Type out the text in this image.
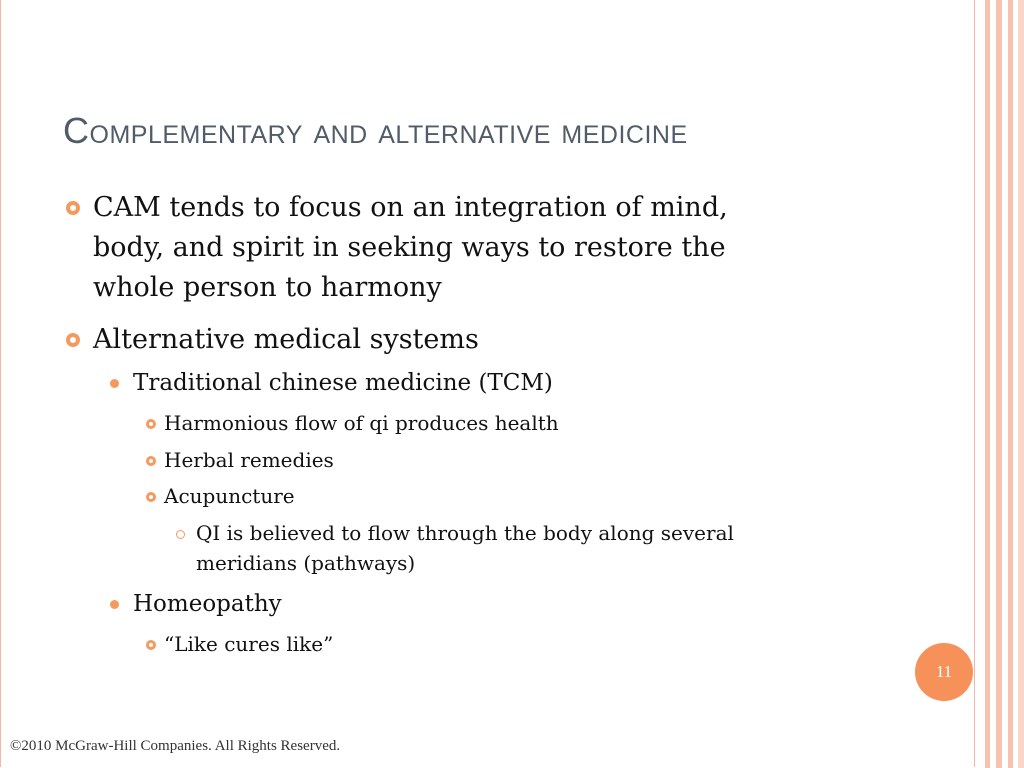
Complementary and alternative medicine
CAM tends to focus on an integration of mind,
body, and spirit in seeking ways to restore the
whole person to harmony
Alternative medical systems
Traditional chinese medicine (TCM)
Harmonious flow of qi produces health
Herbal remedies
Acupuncture
QI is believed to flow through the body along several
meridians (pathways)
Homeopathy
“Like cures like”
11
©2010 McGraw-Hill Companies. All Rights Reserved.
